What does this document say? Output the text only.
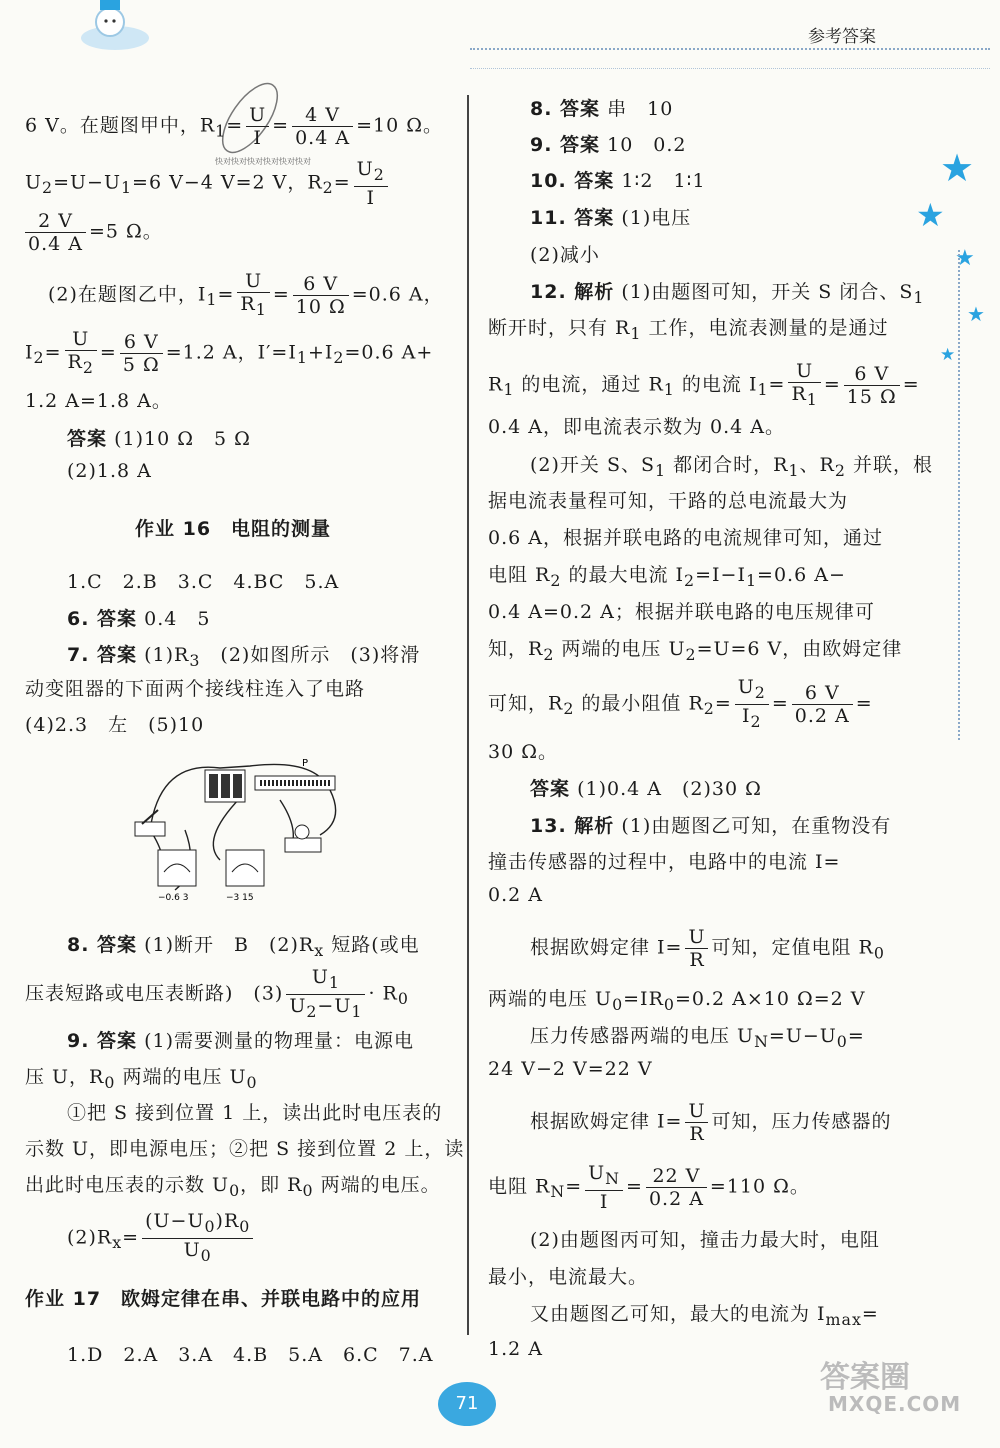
参考答案
★
★
★
★
★
快对快对快对快对快对快对
6 V。在题图甲中，$R_1= \frac{U}{I} = \frac{4 V}{0.4 A} =10$ Ω。
$U_2=U-U_1=6$ V−4 V=2 V，$R_2= \frac{U_2}{I}$
$\frac{2 V}{0.4 A} =5$ Ω。
(2)在题图乙中，$I_1= \frac{U}{R_1} = \frac{6 V}{10 \Omega} =0.6$ A，
$I_2= \frac{U}{R_2} = \frac{6 V}{5 \Omega} =1.2$ A，$I'=I_1+I_2=0.6$ A+
1.2 A=1.8 A。
答案 (1)10 Ω　5 Ω
(2)1.8 A
作业 16　电阻的测量
1.C　2.B　3.C　4.BC　5.A
6. 答案 0.4　5
7. 答案 $(1)R_3$　(2)如图所示　(3)将滑
动变阻器的下面两个接线柱连入了电路
(4)2.3　左　(5)10
P
−0.6 3	−3 15
8. 答案 (1)断开　B　$(2)R_x$ 短路(或电
压表短路或电压表断路)　$(3) \frac{U_1}{U_2-U_1} \cdot R_0$
9. 答案 (1)需要测量的物理量：电源电
压 U，$R_0$ 两端的电压 $U_0$
①把 S 接到位置 1 上，读出此时电压表的
示数 U，即电源电压；②把 S 接到位置 2 上，读
出此时电压表的示数 $U_0$，即 $R_0$ 两端的电压。
$(2)R_x= \frac{(U-U_0)R_0}{U_0}$
作业 17　欧姆定律在串、并联电路中的应用
1.D　2.A　3.A　4.B　5.A　6.C　7.A
8. 答案 串　10
9. 答案 10　0.2
10. 答案 1∶2　1∶1
11. 答案 (1)电压
(2)减小
12. 解析 (1)由题图可知，开关 S 闭合、$S_1$
断开时，只有 $R_1$ 工作，电流表测量的是通过
$R_1$ 的电流，通过 $R_1$ 的电流 $I_1= \frac{U}{R_1} = \frac{6 V}{15 \Omega}$ =
0.4 A，即电流表示数为 0.4 A。
(2)开关 S、$S_1$ 都闭合时，$R_1$、$R_2$ 并联，根
据电流表量程可知，干路的总电流最大为
0.6 A，根据并联电路的电流规律可知，通过
电阻 $R_2$ 的最大电流 $I_2=I-I_1=0.6$ A−
0.4 A=0.2 A；根据并联电路的电压规律可
知，$R_2$ 两端的电压 $U_2=U=6$ V，由欧姆定律
可知，$R_2$ 的最小阻值 $R_2= \frac{U_2}{I_2} = \frac{6 V}{0.2 A}$ =
30 Ω。
答案 (1)0.4 A　(2)30 Ω
13. 解析 (1)由题图乙可知，在重物没有
撞击传感器的过程中，电路中的电流 I=
0.2 A
根据欧姆定律 $I= \frac{U}{R}$ 可知，定值电阻 $R_0$
两端的电压 $U_0=IR_0=0.2$ A×10 Ω=2 V
压力传感器两端的电压 $U_N=U-U_0=$
24 V−2 V=22 V
根据欧姆定律 $I= \frac{U}{R}$ 可知，压力传感器的
电阻 $R_N= \frac{U_N}{I} = \frac{22 V}{0.2 A} =110$ Ω。
(2)由题图丙可知，撞击力最大时，电阻
最小，电流最大。
又由题图乙可知，最大的电流为 $I_{max}=$
1.2 A
71
答案圈
MXQE.COM
